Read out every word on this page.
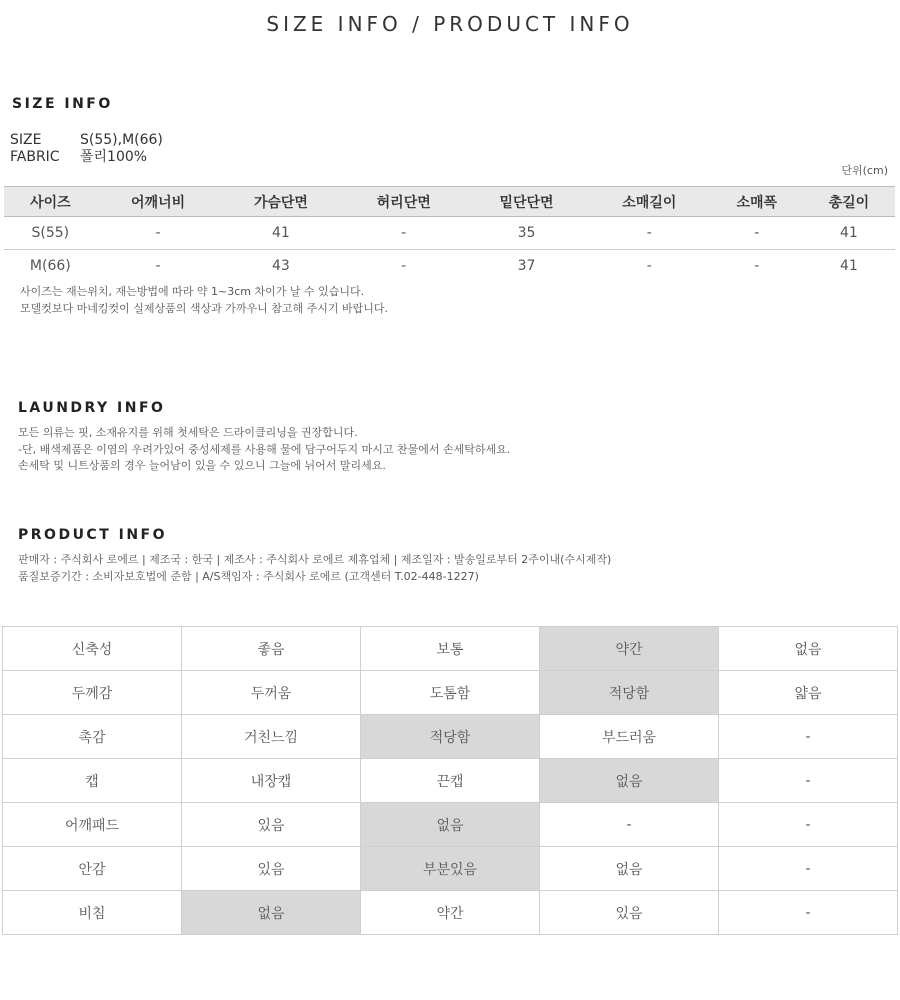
SIZE INFO / PRODUCT INFO
SIZE INFO
SIZE	S(55),M(66)
FABRIC	폴리100%
단위(cm)
사이즈	어깨너비	가슴단면	허리단면	밑단단면	소매길이	소매폭	총길이
S(55)	-	41	-	35	-	-	41
M(66)	-	43	-	37	-	-	41
사이즈는 재는위치, 재는방법에 따라 약 1~3cm 차이가 날 수 있습니다.
모델컷보다 마네킹컷이 실제상품의 색상과 가까우니 참고해 주시기 바랍니다.
LAUNDRY INFO
모든 의류는 핏, 소재유지를 위해 첫세탁은 드라이클리닝을 권장합니다.
-단, 배색제품은 이염의 우려가있어 중성세제를 사용해 물에 담구어두지 마시고 찬물에서 손세탁하세요.
손세탁 및 니트상품의 경우 늘어남이 있을 수 있으니 그늘에 뉘어서 말리세요.
PRODUCT INFO
판매자 : 주식회사 로에르 | 제조국 : 한국 | 제조사 : 주식회사 로에르 제휴업체 | 제조일자 : 발송일로부터 2주이내(수시제작)
품질보증기간 : 소비자보호법에 준함 | A/S책임자 : 주식회사 로에르 (고객센터 T.02-448-1227)
신축성	좋음	보통	약간	없음
두께감	두꺼움	도톰함	적당함	얇음
촉감	거친느낌	적당함	부드러움	-
캡	내장캡	끈캡	없음	-
어깨패드	있음	없음	-	-
안감	있음	부분있음	없음	-
비침	없음	약간	있음	-
